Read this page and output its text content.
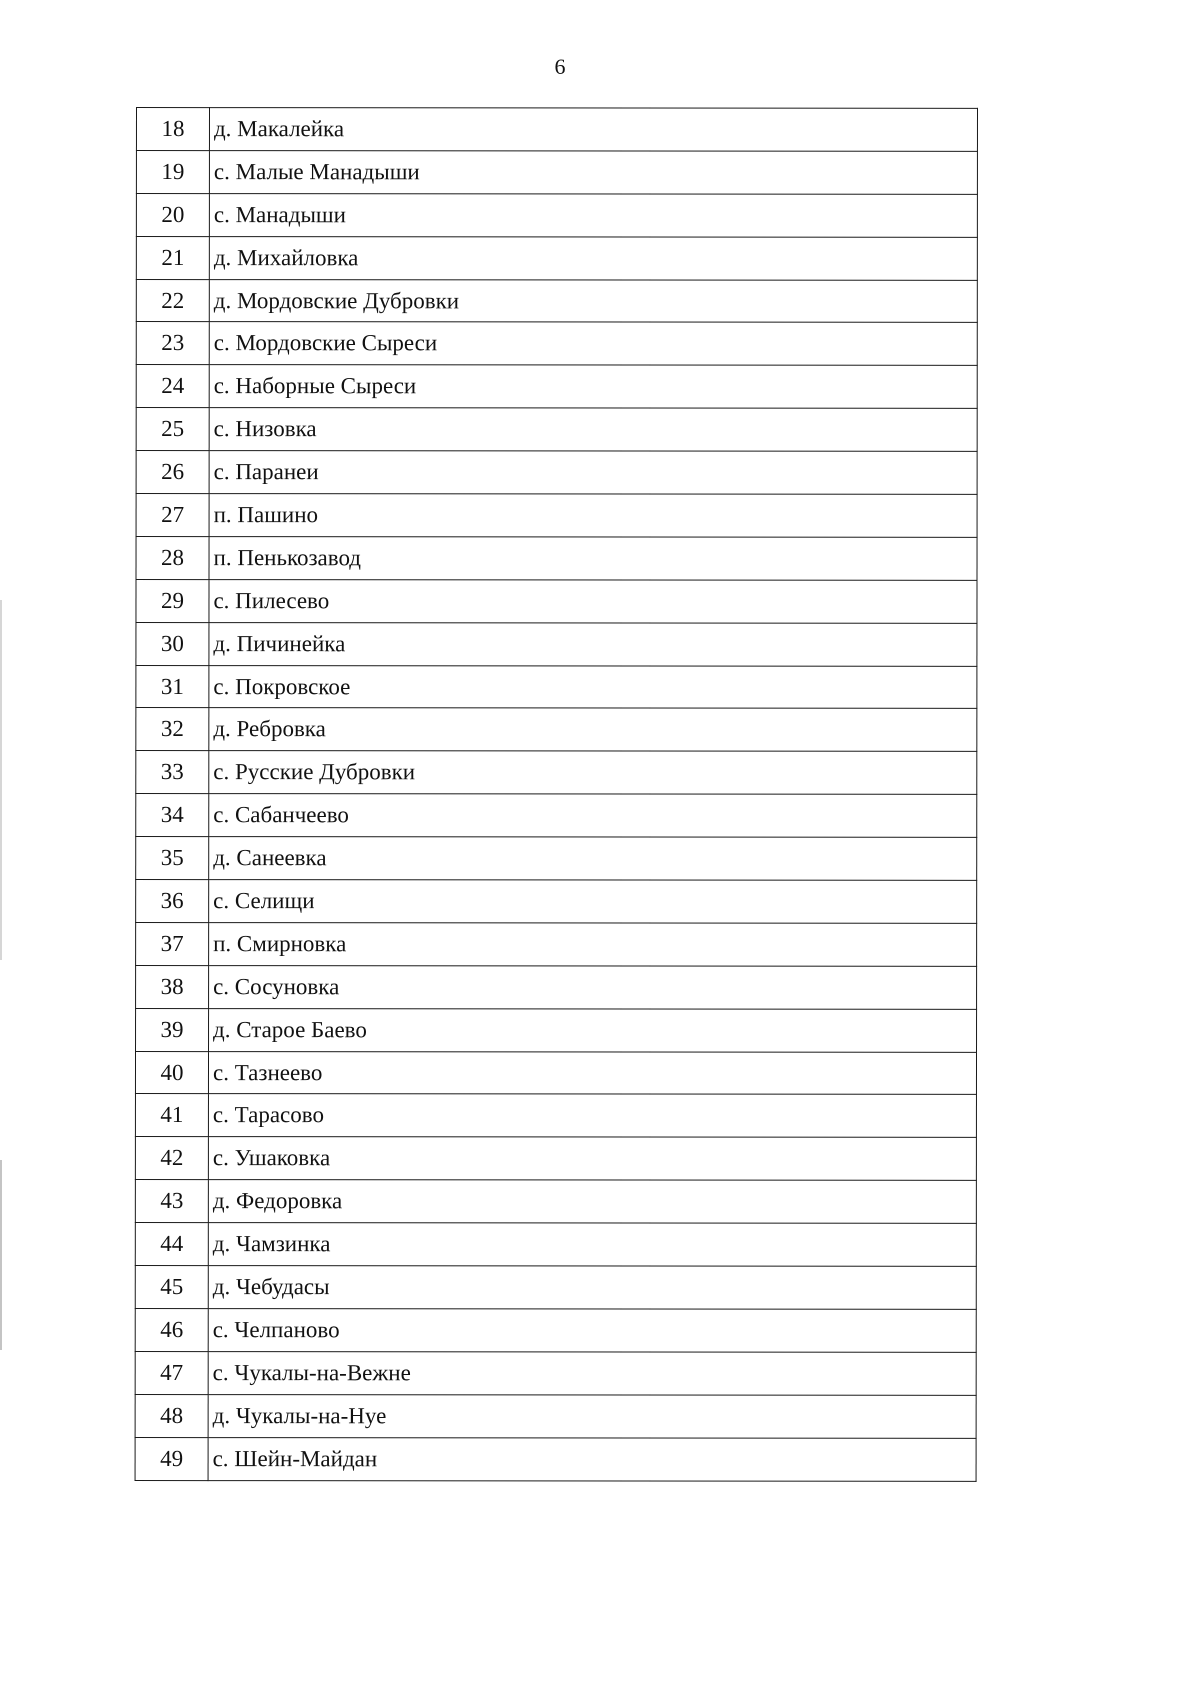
6
18	д. Макалейка
19	с. Малые Манадыши
20	с. Манадыши
21	д. Михайловка
22	д. Мордовские Дубровки
23	с. Мордовские Сыреси
24	с. Наборные Сыреси
25	с. Низовка
26	с. Паранеи
27	п. Пашино
28	п. Пенькозавод
29	с. Пилесево
30	д. Пичинейка
31	с. Покровское
32	д. Ребровка
33	с. Русские Дубровки
34	с. Сабанчеево
35	д. Санеевка
36	с. Селищи
37	п. Смирновка
38	с. Сосуновка
39	д. Старое Баево
40	с. Тазнеево
41	с. Тарасово
42	с. Ушаковка
43	д. Федоровка
44	д. Чамзинка
45	д. Чебудасы
46	с. Челпаново
47	с. Чукалы-на-Вежне
48	д. Чукалы-на-Нуе
49	с. Шейн-Майдан
